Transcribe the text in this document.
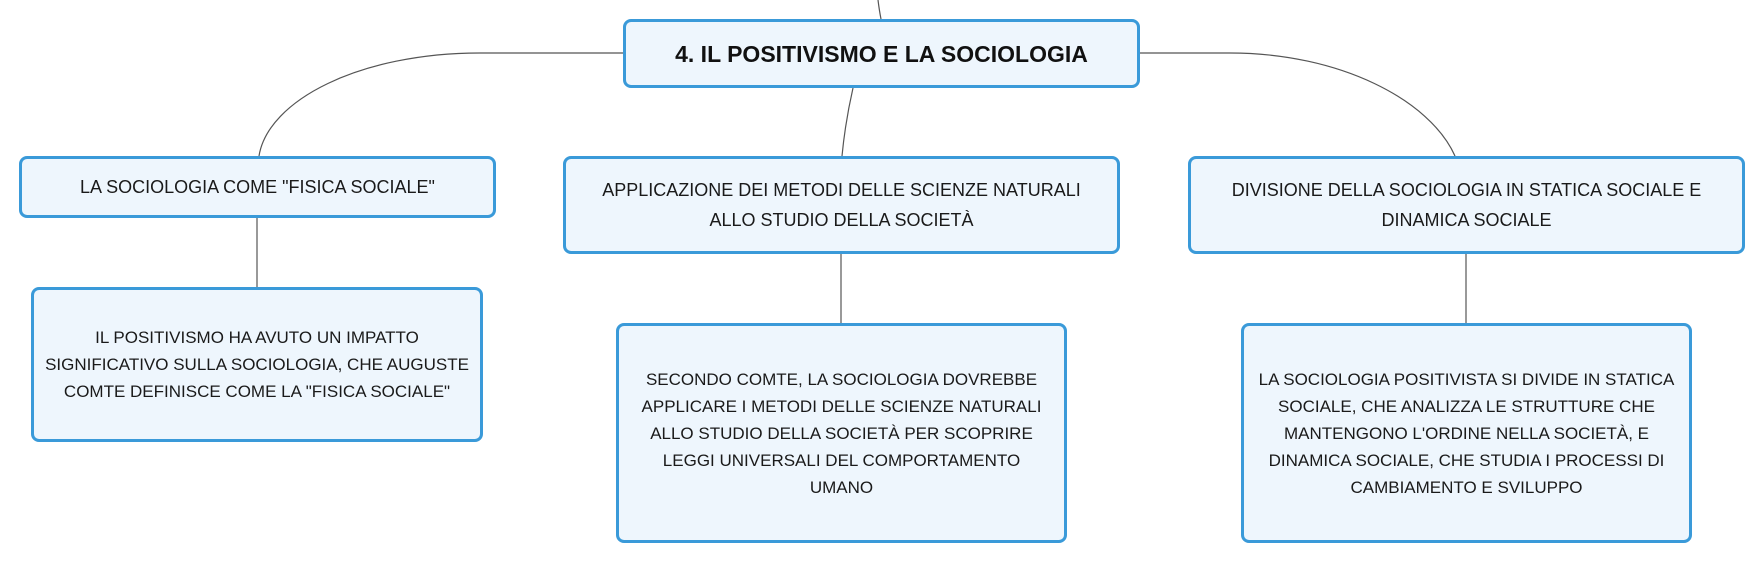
4. IL POSITIVISMO E LA SOCIOLOGIA
LA SOCIOLOGIA COME "FISICA SOCIALE"	APPLICAZIONE DEI METODI DELLE SCIENZE NATURALI ALLO STUDIO DELLA SOCIETÀ
DIVISIONE DELLA SOCIOLOGIA IN STATICA SOCIALE E DINAMICA SOCIALE
IL POSITIVISMO HA AVUTO UN IMPATTO SIGNIFICATIVO SULLA SOCIOLOGIA, CHE AUGUSTE COMTE DEFINISCE COME LA "FISICA SOCIALE"
SECONDO COMTE, LA SOCIOLOGIA DOVREBBE APPLICARE I METODI DELLE SCIENZE NATURALI ALLO STUDIO DELLA SOCIETÀ PER SCOPRIRE LEGGI UNIVERSALI DEL COMPORTAMENTO UMANO
LA SOCIOLOGIA POSITIVISTA SI DIVIDE IN STATICA SOCIALE, CHE ANALIZZA LE STRUTTURE CHE MANTENGONO L'ORDINE NELLA SOCIETÀ, E DINAMICA SOCIALE, CHE STUDIA I PROCESSI DI CAMBIAMENTO E SVILUPPO
